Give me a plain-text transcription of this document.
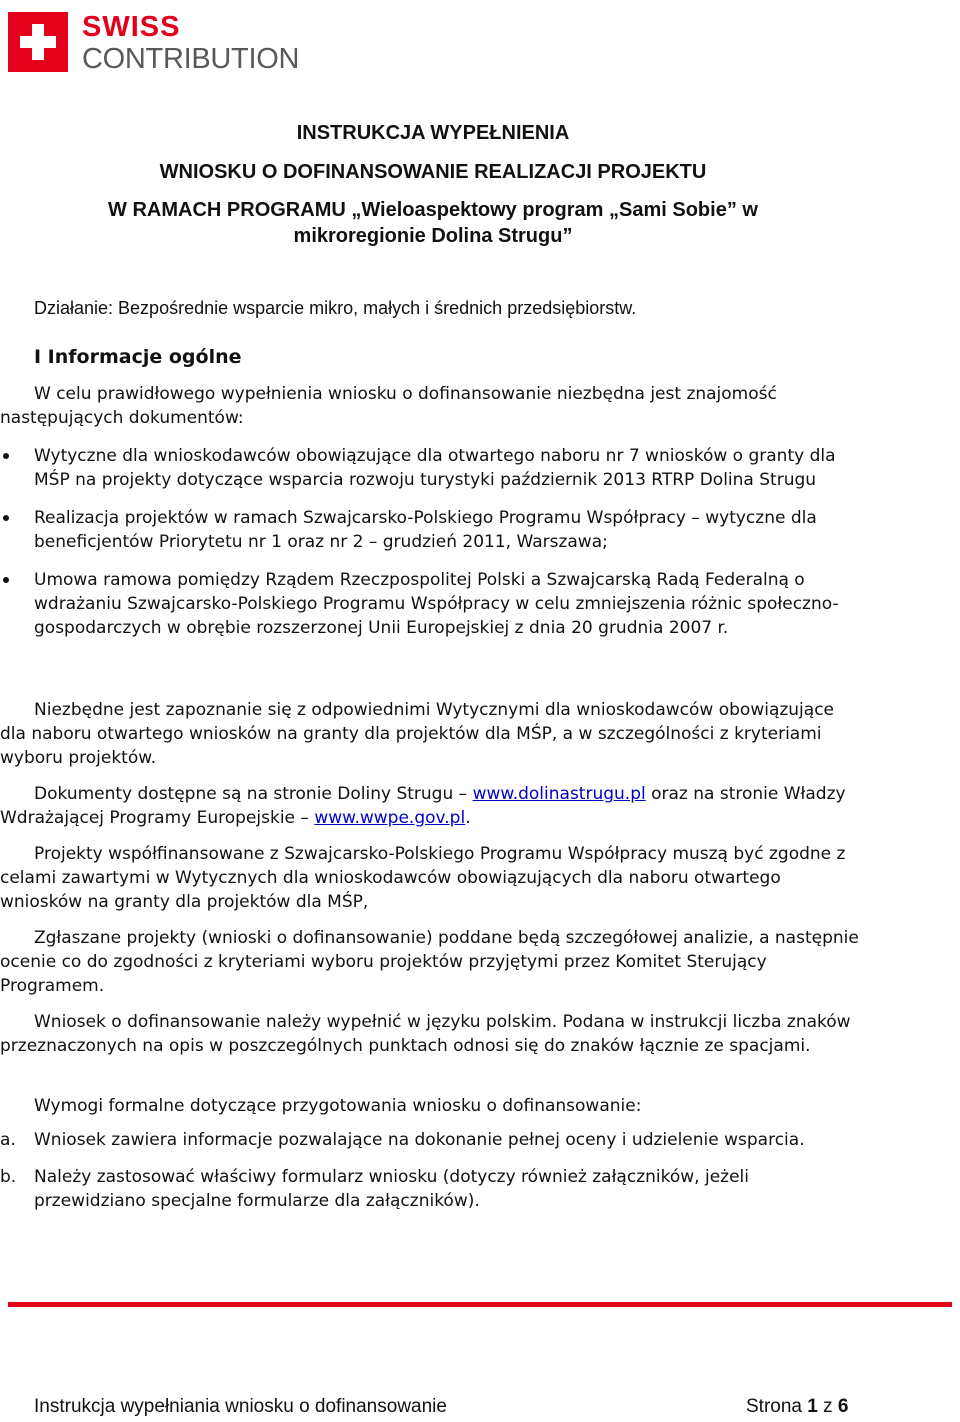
SWISS
CONTRIBUTION
INSTRUKCJA WYPEŁNIENIA
WNIOSKU O DOFINANSOWANIE REALIZACJI PROJEKTU
W RAMACH PROGRAMU „Wieloaspektowy program „Sami Sobie” w
mikroregionie Dolina Strugu”
Działanie: Bezpośrednie wsparcie mikro, małych i średnich przedsiębiorstw.
I Informacje ogólne
W celu prawidłowego wypełnienia wniosku o dofinansowanie niezbędna jest znajomość następujących dokumentów:
Wytyczne dla wnioskodawców obowiązujące dla otwartego naboru nr 7 wniosków o granty dla MŚP na projekty dotyczące wsparcia rozwoju turystyki październik 2013 RTRP Dolina Strugu
Realizacja projektów w ramach Szwajcarsko-Polskiego Programu Współpracy – wytyczne dla beneficjentów Priorytetu nr 1 oraz nr 2 – grudzień 2011, Warszawa;
Umowa ramowa pomiędzy Rządem Rzeczpospolitej Polski a Szwajcarską Radą Federalną o wdrażaniu Szwajcarsko-Polskiego Programu Współpracy w celu zmniejszenia różnic społeczno-gospodarczych w obrębie rozszerzonej Unii Europejskiej z dnia 20 grudnia 2007 r.

Niezbędne jest zapoznanie się z odpowiednimi Wytycznymi dla wnioskodawców obowiązujące dla naboru otwartego wniosków na granty dla projektów dla MŚP, a w szczególności z kryteriami wyboru projektów.

Dokumenty dostępne są na stronie Doliny Strugu – www.dolinastrugu.pl oraz na stronie Władzy Wdrażającej Programy Europejskie – www.wwpe.gov.pl.

Projekty współfinansowane z Szwajcarsko-Polskiego Programu Współpracy muszą być zgodne z celami zawartymi w Wytycznych dla wnioskodawców obowiązujących dla naboru otwartego wniosków na granty dla projektów dla MŚP,

Zgłaszane projekty (wnioski o dofinansowanie) poddane będą szczegółowej analizie, a następnie ocenie co do zgodności z kryteriami wyboru projektów przyjętymi przez Komitet Sterujący Programem.

Wniosek o dofinansowanie należy wypełnić w języku polskim. Podana w instrukcji liczba znaków przeznaczonych na opis w poszczególnych punktach odnosi się do znaków łącznie ze spacjami.

Wymogi formalne dotyczące przygotowania wniosku o dofinansowanie:

a. Wniosek zawiera informacje pozwalające na dokonanie pełnej oceny i udzielenie wsparcia.
b. Należy zastosować właściwy formularz wniosku (dotyczy również załączników, jeżeli przewidziano specjalne formularze dla załączników).
Instrukcja wypełniania wniosku o dofinansowanie	Strona 1 z 6
